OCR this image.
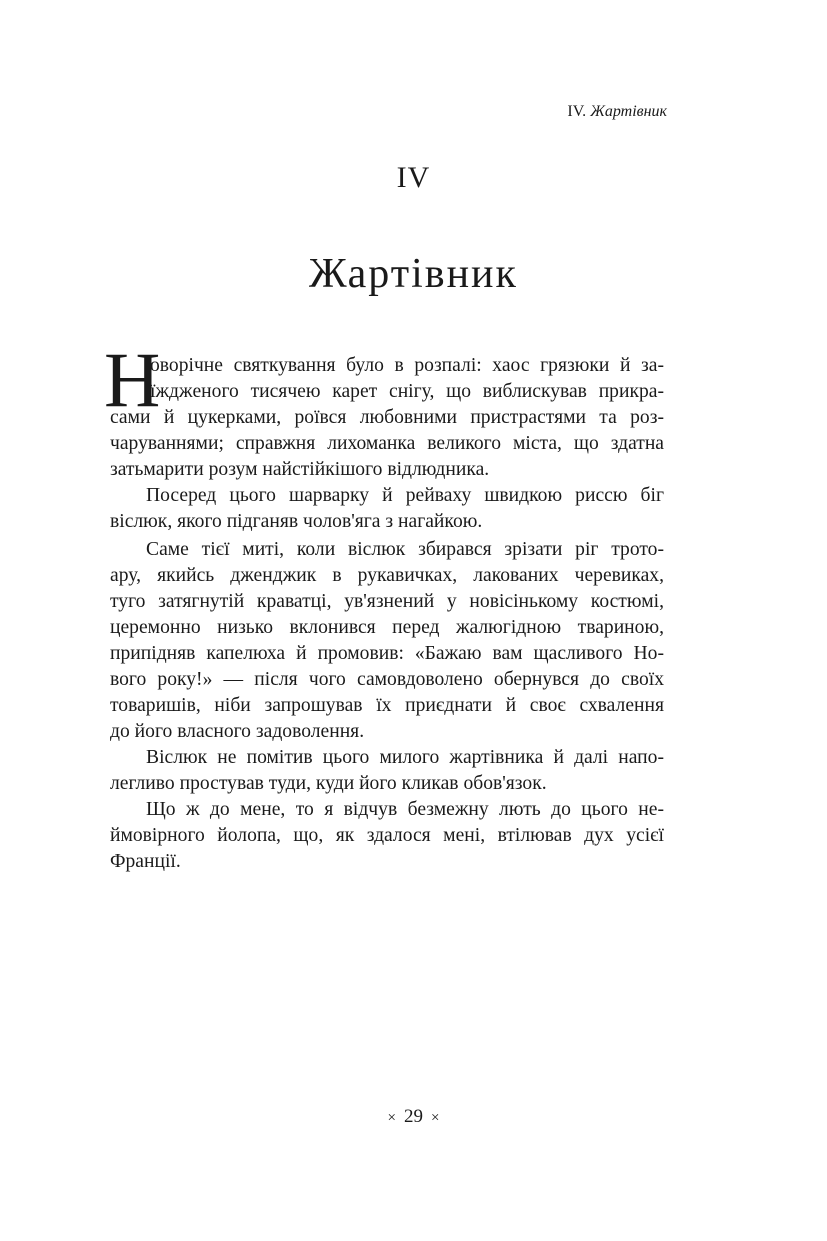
IV. Жартівник
IV
Жартівник
Н
оворічне святкування було в розпалі: хаос грязюки й за-
їжджeного тисячею карет снігу, що виблискував прикра-
сами й цукерками, роївся любовними пристрастями та роз-
чаруваннями; справжня лихоманка великого міста, що здатна
затьмарити розум найстійкішого відлюдника.
Посеред цього шарварку й рейваху швидкою риссю біг
віслюк, якого підганяв чолов'яга з нагайкою.
Саме тієї миті, коли віслюк збирався зрізати ріг трото-
ару, якийсь дженджик в рукавичках, лакованих черевиках,
туго затягнутій краватці, ув'язнений у новісінькому костюмі,
церемонно низько вклонився перед жалюгідною твариною,
припідняв капелюха й промовив: «Бажаю вам щасливого Но-
вого року!» — після чого самовдоволено обернувся до своїх
товаришів, ніби запрошував їх приєднати й своє схвалення
до його власного задоволення.
Віслюк не помітив цього милого жартівника й далі напо-
легливо простував туди, куди його кликав обов'язок.
Що ж до мене, то я відчув безмежну лють до цього не-
ймовірного йолопа, що, як здалося мені, втілював дух усієї
Франції.
× 29 ×
